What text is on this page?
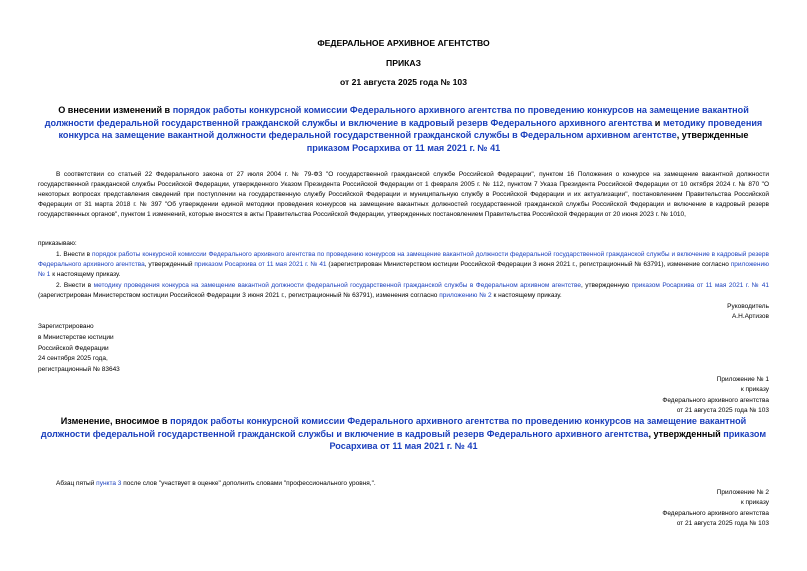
ФЕДЕРАЛЬНОЕ АРХИВНОЕ АГЕНТСТВО
ПРИКАЗ
от 21 августа 2025 года № 103
О внесении изменений в порядок работы конкурсной комиссии Федерального архивного агентства по проведению конкурсов на замещение вакантной должности федеральной государственной гражданской службы и включение в кадровый резерв Федерального архивного агентства и методику проведения конкурса на замещение вакантной должности федеральной государственной гражданской службы в Федеральном архивном агентстве, утвержденные приказом Росархива от 11 мая 2021 г. № 41
В соответствии со статьей 22 Федерального закона от 27 июля 2004 г. № 79-ФЗ "О государственной гражданской службе Российской Федерации", пунктом 16 Положения о конкурсе на замещение вакантной должности государственной гражданской службы Российской Федерации, утвержденного Указом Президента Российской Федерации от 1 февраля 2005 г. № 112, пунктом 7 Указа Президента Российской Федерации от 10 октября 2024 г. № 870 "О некоторых вопросах представления сведений при поступлении на государственную службу Российской Федерации и муниципальную службу в Российской Федерации и их актуализации", постановлением Правительства Российской Федерации от 31 марта 2018 г. № 397 "Об утверждении единой методики проведения конкурсов на замещение вакантных должностей государственной гражданской службы Российской Федерации и включение в кадровый резерв государственных органов", пунктом 1 изменений, которые вносятся в акты Правительства Российской Федерации, утвержденных постановлением Правительства Российской Федерации от 20 июня 2023 г. № 1010,
приказываю:
1. Внести в порядок работы конкурсной комиссии Федерального архивного агентства по проведению конкурсов на замещение вакантной должности федеральной государственной гражданской службы и включение в кадровый резерв Федерального архивного агентства, утвержденный приказом Росархива от 11 мая 2021 г. № 41 (зарегистрирован Министерством юстиции Российской Федерации 3 июня 2021 г., регистрационный № 63791), изменение согласно приложению № 1 к настоящему приказу.
2. Внести в методику проведения конкурса на замещение вакантной должности федеральной государственной гражданской службы в Федеральном архивном агентстве, утвержденную приказом Росархива от 11 мая 2021 г. № 41 (зарегистрирован Министерством юстиции Российской Федерации 3 июня 2021 г., регистрационный № 63791), изменения согласно приложению № 2 к настоящему приказу.
Руководитель
А.Н.Артизов
Зарегистрировано
в Министерстве юстиции
Российской Федерации
24 сентября 2025 года,
регистрационный № 83643
Приложение № 1
к приказу
Федерального архивного агентства
от 21 августа 2025 года № 103
Изменение, вносимое в порядок работы конкурсной комиссии Федерального архивного агентства по проведению конкурсов на замещение вакантной должности федеральной государственной гражданской службы и включение в кадровый резерв Федерального архивного агентства, утвержденный приказом Росархива от 11 мая 2021 г. № 41
Абзац пятый пункта 3 после слов "участвует в оценке" дополнить словами "профессионального уровня,".
Приложение № 2
к приказу
Федерального архивного агентства
от 21 августа 2025 года № 103
